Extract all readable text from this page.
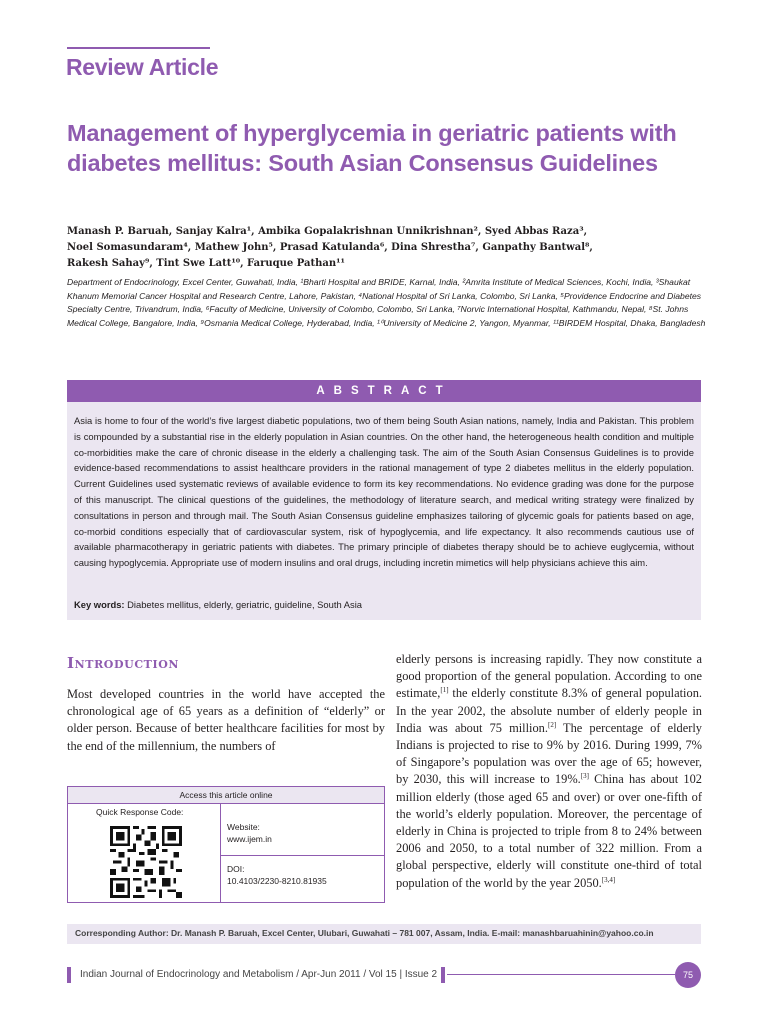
Review Article
Management of hyperglycemia in geriatric patients with diabetes mellitus: South Asian Consensus Guidelines
Manash P. Baruah, Sanjay Kalra¹, Ambika Gopalakrishnan Unnikrishnan², Syed Abbas Raza³,
Noel Somasundaram⁴, Mathew John⁵, Prasad Katulanda⁶, Dina Shrestha⁷, Ganpathy Bantwal⁸,
Rakesh Sahay⁹, Tint Swe Latt¹⁰, Faruque Pathan¹¹
Department of Endocrinology, Excel Center, Guwahati, India, ¹Bharti Hospital and BRIDE, Karnal, India, ²Amrita Institute of Medical Sciences, Kochi, India, ³Shaukat Khanum Memorial Cancer Hospital and Research Centre, Lahore, Pakistan, ⁴National Hospital of Sri Lanka, Colombo, Sri Lanka, ⁵Providence Endocrine and Diabetes Specialty Centre, Trivandrum, India, ⁶Faculty of Medicine, University of Colombo, Colombo, Sri Lanka, ⁷Norvic International Hospital, Kathmandu, Nepal, ⁸St. Johns Medical College, Bangalore, India, ⁹Osmania Medical College, Hyderabad, India, ¹⁰University of Medicine 2, Yangon, Myanmar, ¹¹BIRDEM Hospital, Dhaka, Bangladesh
ABSTRACT
Asia is home to four of the world’s five largest diabetic populations, two of them being South Asian nations, namely, India and Pakistan. This problem is compounded by a substantial rise in the elderly population in Asian countries. On the other hand, the heterogeneous health condition and multiple co-morbidities make the care of chronic disease in the elderly a challenging task. The aim of the South Asian Consensus Guidelines is to provide evidence-based recommendations to assist healthcare providers in the rational management of type 2 diabetes mellitus in the elderly population. Current Guidelines used systematic reviews of available evidence to form its key recommendations. No evidence grading was done for the purpose of this manuscript. The clinical questions of the guidelines, the methodology of literature search, and medical writing strategy were finalized by consultations in person and through mail. The South Asian Consensus guideline emphasizes tailoring of glycemic goals for patients based on age, co-morbid conditions especially that of cardiovascular system, risk of hypoglycemia, and life expectancy. It also recommends cautious use of available pharmacotherapy in geriatric patients with diabetes. The primary principle of diabetes therapy should be to achieve euglycemia, without causing hypoglycemia. Appropriate use of modern insulins and oral drugs, including incretin mimetics will help physicians achieve this aim.
Key words: Diabetes mellitus, elderly, geriatric, guideline, South Asia
INTRODUCTION
Most developed countries in the world have accepted the chronological age of 65 years as a definition of “elderly” or older person. Because of better healthcare facilities for most by the end of the millennium, the numbers of
elderly persons is increasing rapidly. They now constitute a good proportion of the general population. According to one estimate,[1] the elderly constitute 8.3% of general population. In the year 2002, the absolute number of elderly people in India was about 75 million.[2] The percentage of elderly Indians is projected to rise to 9% by 2016. During 1999, 7% of Singapore’s population was over the age of 65; however, by 2030, this will increase to 19%.[3] China has about 102 million elderly (those aged 65 and over) or over one-fifth of the world’s elderly population. Moreover, the percentage of elderly in China is projected to triple from 8 to 24% between 2006 and 2050, to a total number of 322 million. From a global perspective, elderly will constitute one-third of total population of the world by the year 2050.[3,4]
Access this article online
Quick Response Code:
Website:
www.ijem.in
DOI:
10.4103/2230-8210.81935
Corresponding Author: Dr. Manash P. Baruah, Excel Center, Ulubari, Guwahati – 781 007, Assam, India. E-mail: manashbaruahinin@yahoo.co.in
Indian Journal of Endocrinology and Metabolism / Apr-Jun 2011 / Vol 15 | Issue 2	75
